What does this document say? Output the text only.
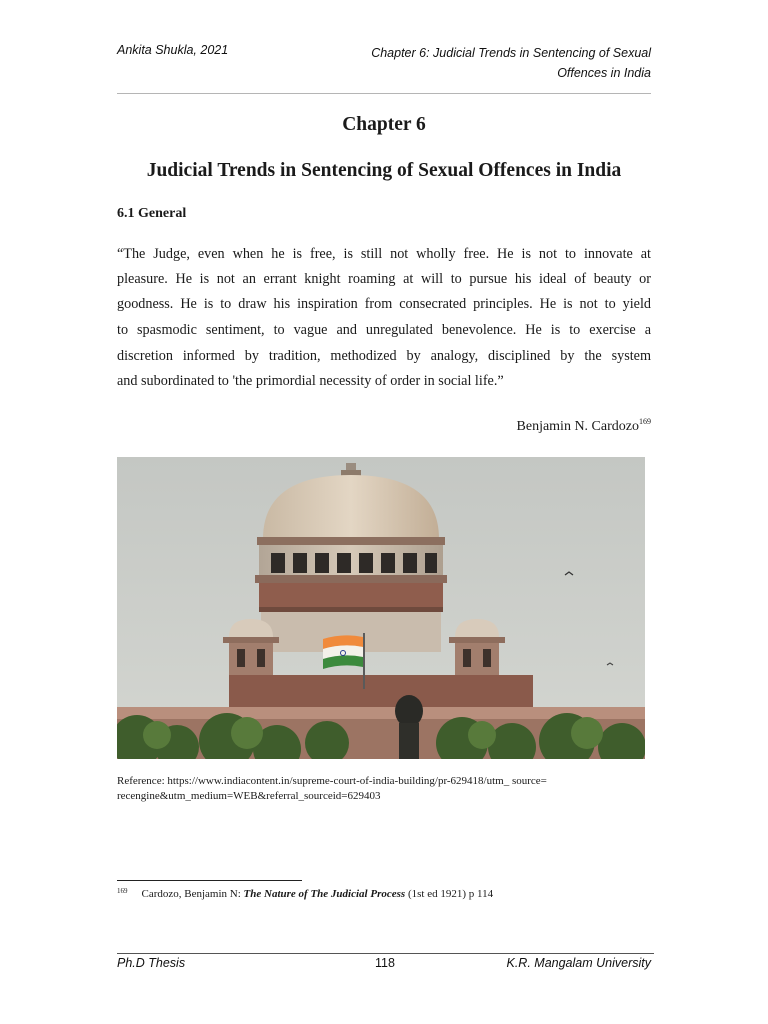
Ankita Shukla, 2021	Chapter 6: Judicial Trends in Sentencing of Sexual
Offences in India
Chapter 6
Judicial Trends in Sentencing of Sexual Offences in India
6.1 General
“The Judge, even when he is free, is still not wholly free. He is not to innovate at
pleasure. He is not an errant knight roaming at will to pursue his ideal of beauty or
goodness. He is to draw his inspiration from consecrated principles. He is not to yield
to spasmodic sentiment, to vague and unregulated benevolence. He is to exercise a
discretion informed by tradition, methodized by analogy, disciplined by the system
and subordinated to 'the primordial necessity of order in social life.”
Benjamin N. Cardozo$^{169}$
Reference: https://www.indiacontent.in/supreme-court-of-india-building/pr-629418/utm_ source=
recengine&utm_medium=WEB&referral_sourceid=629403
$^{169}$ Cardozo, Benjamin N: The Nature of The Judicial Process (1st ed 1921) p 114
Ph.D Thesis	118	K.R. Mangalam University
